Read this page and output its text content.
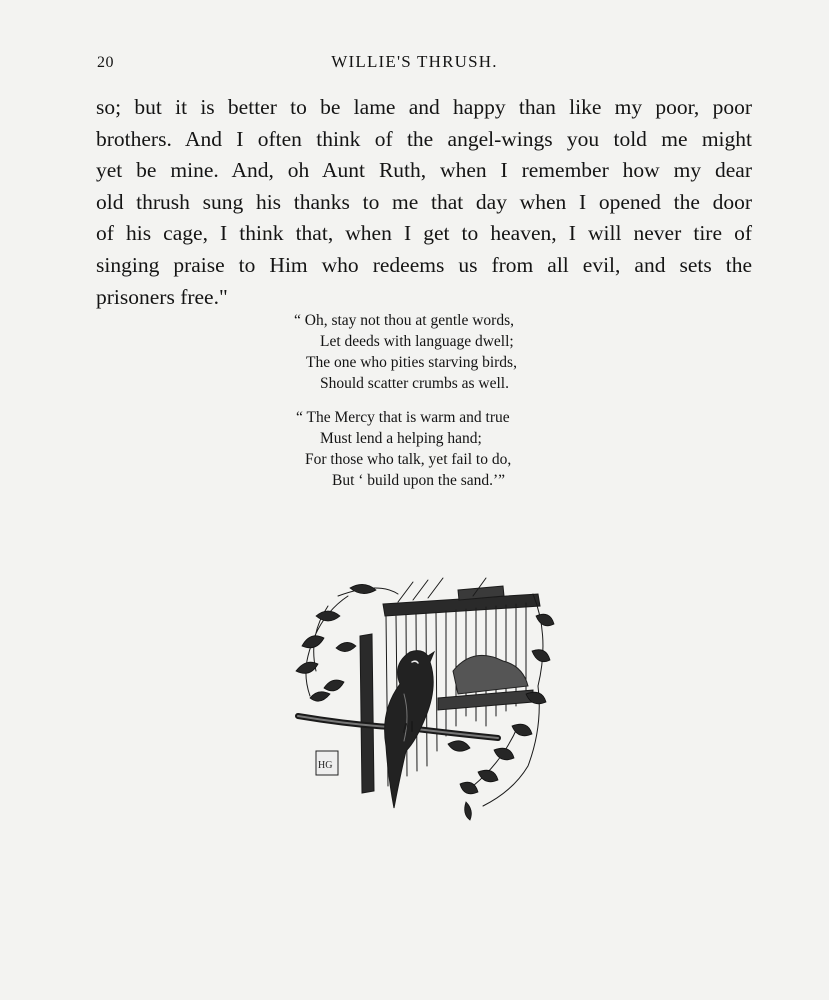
20	WILLIE'S THRUSH.
so; but it is better to be lame and happy than like my poor, poor
brothers. And I often think of the angel-wings you told me might
yet be mine. And, oh Aunt Ruth, when I remember how my dear
old thrush sung his thanks to me that day when I opened the door
of his cage, I think that, when I get to heaven, I will never tire of
singing praise to Him who redeems us from all evil, and sets the
prisoners free."
“ Oh, stay not thou at gentle words,
Let deeds with language dwell;
The one who pities starving birds,
Should scatter crumbs as well.
“ The Mercy that is warm and true
Must lend a helping hand;
For those who talk, yet fail to do,
But ‘ build upon the sand.’”
HG
